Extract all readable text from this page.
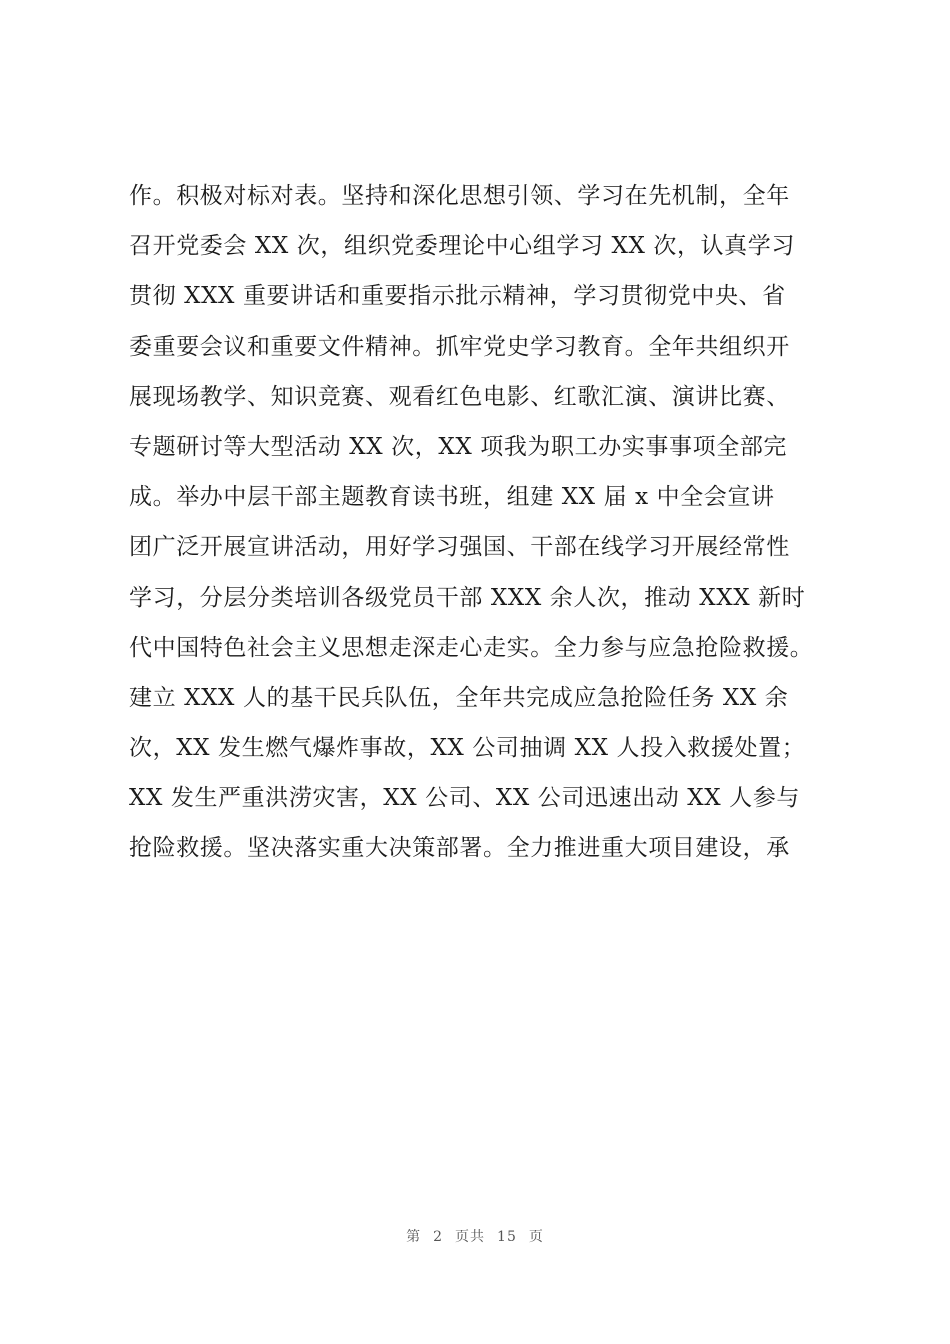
作。积极对标对表。坚持和深化思想引领、学习在先机制，全年
召开党委会 XX 次，组织党委理论中心组学习 XX 次，认真学习
贯彻 XXX 重要讲话和重要指示批示精神，学习贯彻党中央、省
委重要会议和重要文件精神。抓牢党史学习教育。全年共组织开
展现场教学、知识竞赛、观看红色电影、红歌汇演、演讲比赛、
专题研讨等大型活动 XX 次，XX 项我为职工办实事事项全部完
成。举办中层干部主题教育读书班，组建 XX 届 x 中全会宣讲
团广泛开展宣讲活动，用好学习强国、干部在线学习开展经常性
学习，分层分类培训各级党员干部 XXX 余人次，推动 XXX 新时
代中国特色社会主义思想走深走心走实。全力参与应急抢险救援。
建立 XXX 人的基干民兵队伍，全年共完成应急抢险任务 XX 余
次，XX 发生燃气爆炸事故，XX 公司抽调 XX 人投入救援处置；
XX 发生严重洪涝灾害，XX 公司、XX 公司迅速出动 XX 人参与
抢险救援。坚决落实重大决策部署。全力推进重大项目建设，承
第 2 页共 15 页
